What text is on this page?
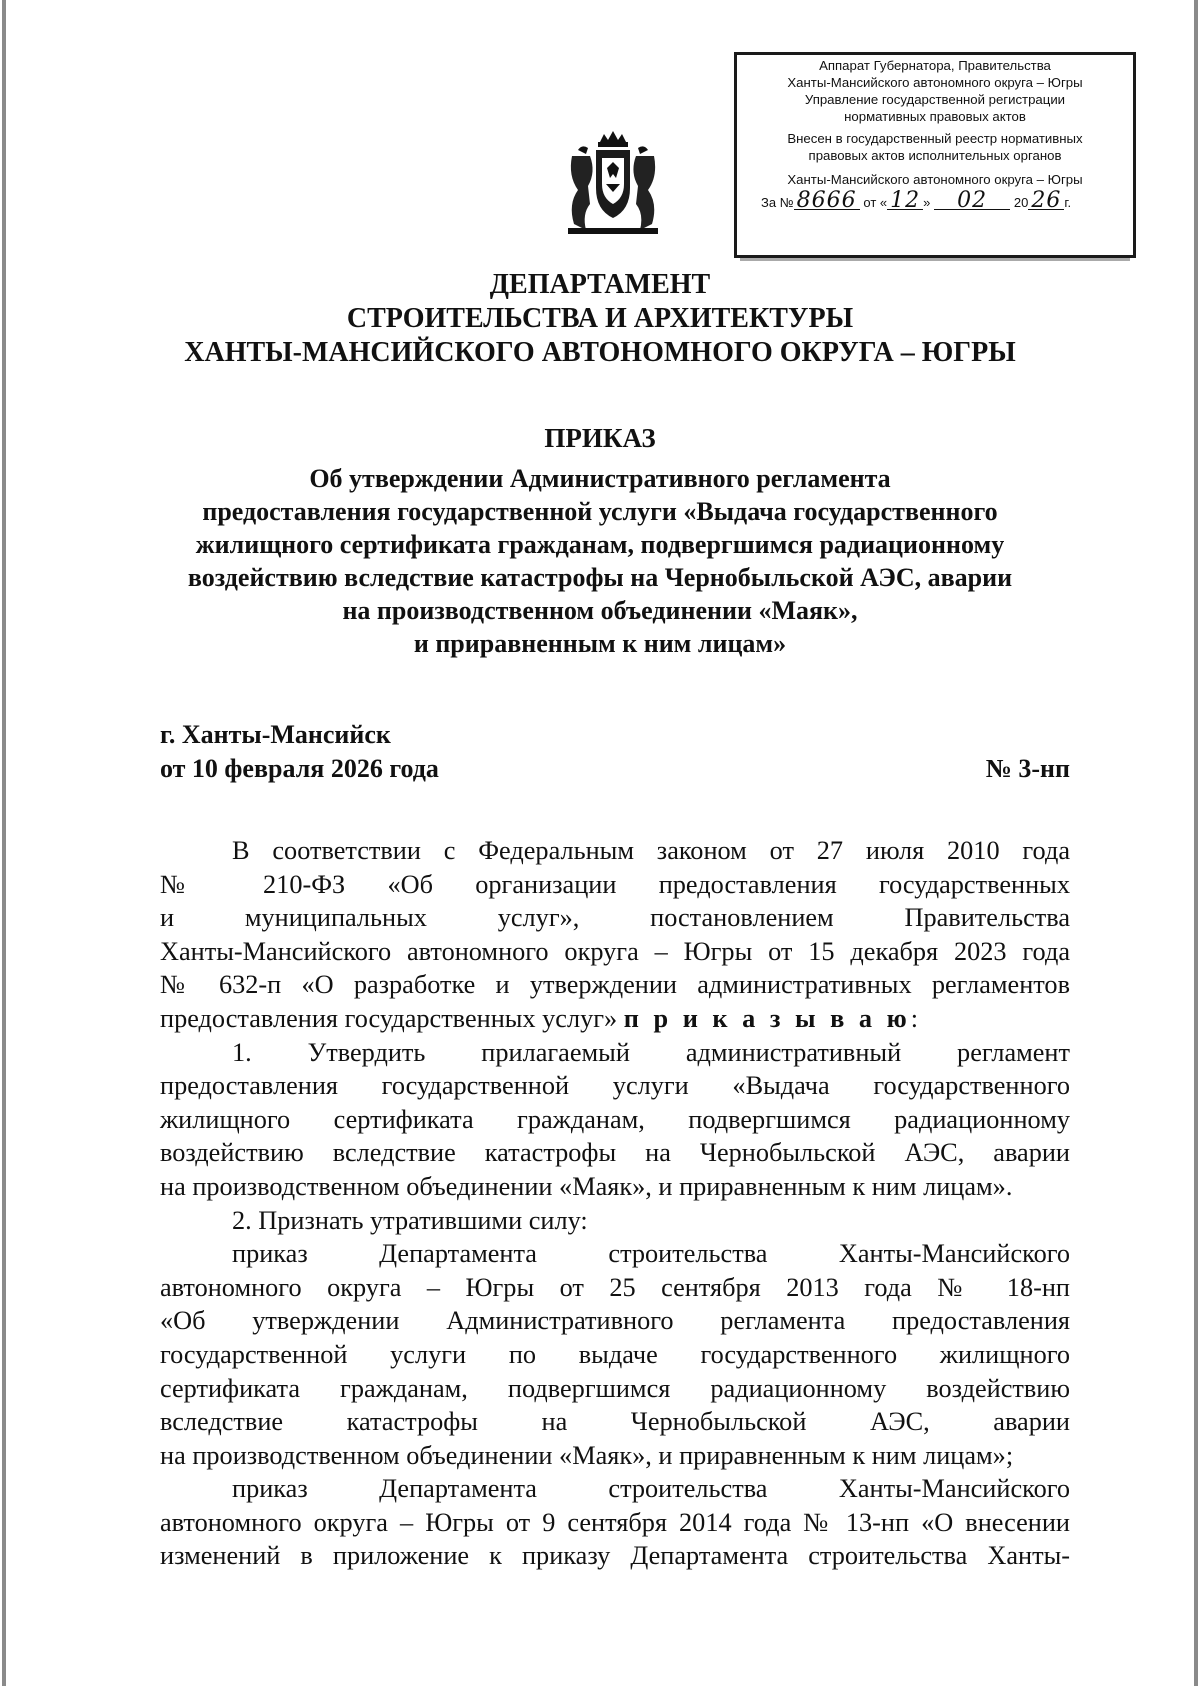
Аппарат Губернатора, Правительства

Ханты-Мансийского автономного округа – Югры

Управление государственной регистрации

нормативных правовых актов

Внесен в государственный реестр нормативных

правовых актов исполнительных органов

Ханты-Мансийского автономного округа – Югры

За № 8666 от « 12 » 02 20 26 г.

ДЕПАРТАМЕНТ
СТРОИТЕЛЬСТВА И АРХИТЕКТУРЫ
ХАНТЫ-МАНСИЙСКОГО АВТОНОМНОГО ОКРУГА – ЮГРЫ
ПРИКАЗ
Об утверждении Административного регламента
предоставления государственной услуги «Выдача государственного
жилищного сертификата гражданам, подвергшимся радиационному
воздействию вследствие катастрофы на Чернобыльской АЭС, аварии
на производственном объединении «Маяк»,
и приравненным к ним лицам»
г. Ханты-Мансийск
от 10 февраля 2026 года	№ 3-нп

В соответствии с Федеральным законом от 27 июля 2010 года

№ 210-ФЗ «Об организации предоставления государственных

и муниципальных услуг», постановлением Правительства

Ханты-Мансийского автономного округа – Югры от 15 декабря 2023 года

№ 632-п «О разработке и утверждении административных регламентов

предоставления государственных услуг» п р и к а з ы в а ю:

1. Утвердить прилагаемый административный регламент

предоставления государственной услуги «Выдача государственного

жилищного сертификата гражданам, подвергшимся радиационному

воздействию вследствие катастрофы на Чернобыльской АЭС, аварии

на производственном объединении «Маяк», и приравненным к ним лицам».

2. Признать утратившими силу:

приказ Департамента строительства Ханты-Мансийского

автономного округа – Югры от 25 сентября 2013 года № 18-нп

«Об утверждении Административного регламента предоставления

государственной услуги по выдаче государственного жилищного

сертификата гражданам, подвергшимся радиационному воздействию

вследствие катастрофы на Чернобыльской АЭС, аварии

на производственном объединении «Маяк», и приравненным к ним лицам»;

приказ Департамента строительства Ханты-Мансийского

автономного округа – Югры от 9 сентября 2014 года № 13-нп «О внесении

изменений в приложение к приказу Департамента строительства Ханты-
